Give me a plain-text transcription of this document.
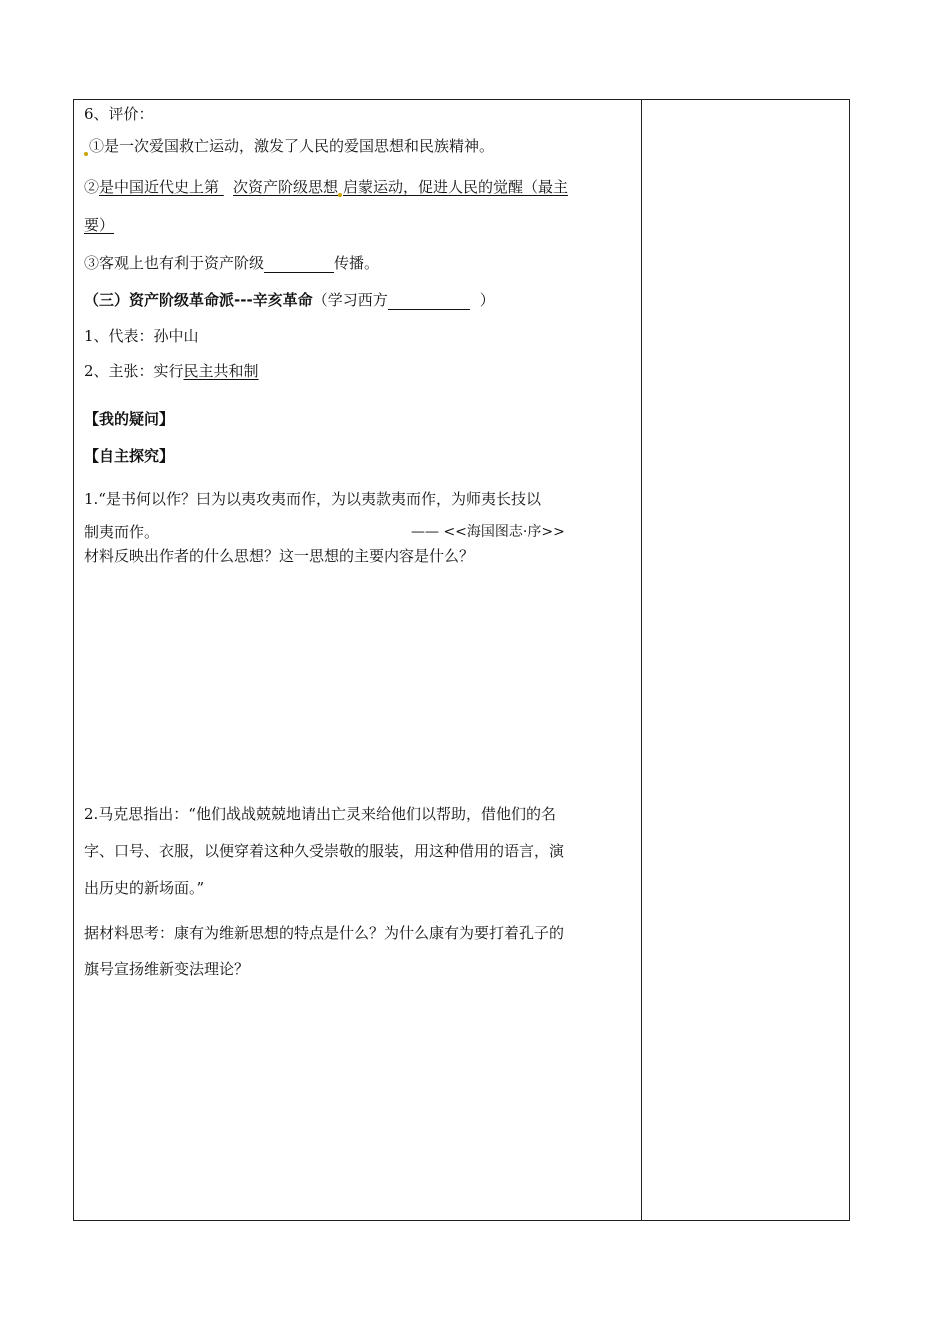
6、评价：
①是一次爱国救亡运动，激发了人民的爱国思想和民族精神。
②是中国近代史上第 次资产阶级思想 启蒙运动，促进人民的觉醒（最主
要）
③客观上也有利于资产阶级	传播。
（三）资产阶级革命派---辛亥革命（学习西方	）
1、代表：孙中山
2、主张：实行民主共和制
【我的疑问】
【自主探究】
1.“是书何以作？曰为以夷攻夷而作，为以夷款夷而作，为师夷长技以
制夷而作。	—— <<海国图志·序>>
材料反映出作者的什么思想？这一思想的主要内容是什么？
2.马克思指出：“他们战战兢兢地请出亡灵来给他们以帮助，借他们的名
字、口号、衣服，以便穿着这种久受崇敬的服装，用这种借用的语言，演
出历史的新场面。”
据材料思考：康有为维新思想的特点是什么？为什么康有为要打着孔子的
旗号宣扬维新变法理论？
